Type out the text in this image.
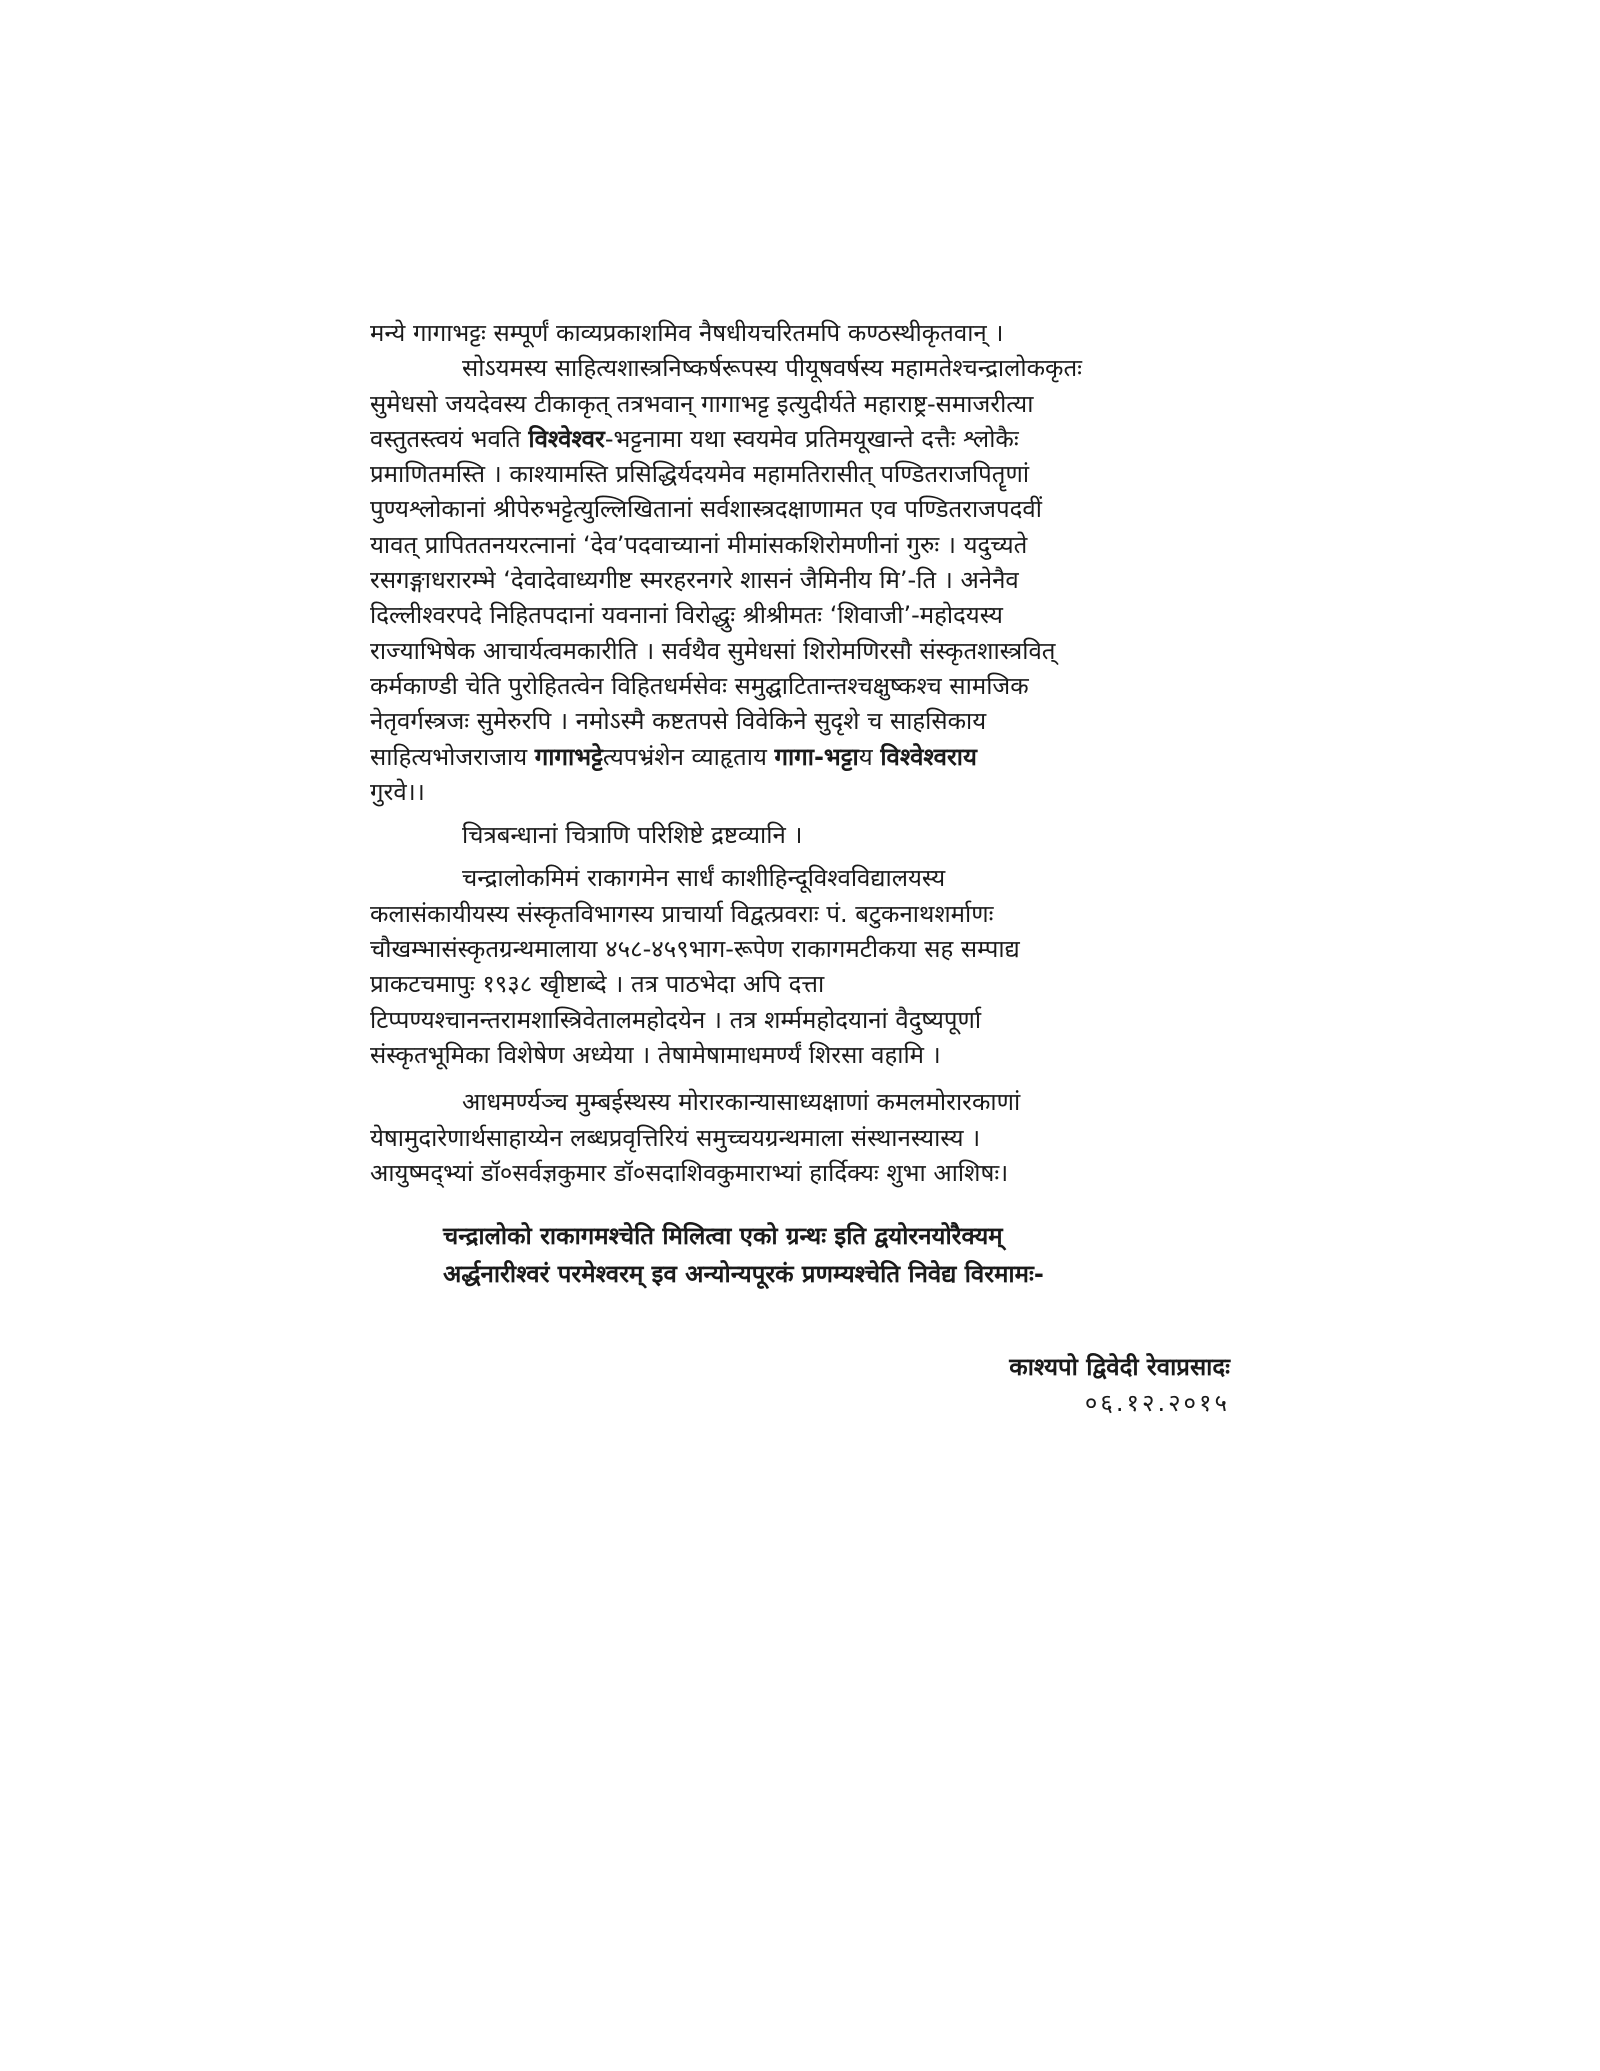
मन्ये गागाभट्टः सम्पूर्णं काव्यप्रकाशमिव नैषधीयचरितमपि कण्ठस्थीकृतवान् ।

सोऽयमस्य साहित्यशास्त्रनिष्कर्षरूपस्य पीयूषवर्षस्य महामतेश्चन्द्रालोककृतः
सुमेधसो जयदेवस्य टीकाकृत् तत्रभवान् गागाभट्ट इत्युदीर्यते महाराष्ट्र-समाजरीत्या
वस्तुतस्त्वयं भवति विश्वेश्वर-भट्टनामा यथा स्वयमेव प्रतिमयूखान्ते दत्तैः श्लोकैः
प्रमाणितमस्ति । काश्यामस्ति प्रसिद्धिर्यदयमेव महामतिरासीत् पण्डितराजपितॄणां
पुण्यश्लोकानां श्रीपेरुभट्टेत्युल्लिखितानां सर्वशास्त्रदक्षाणामत एव पण्डितराजपदवीं
यावत् प्रापिततनयरत्नानां ‘देव’पदवाच्यानां मीमांसकशिरोमणीनां गुरुः । यदुच्यते
रसगङ्गाधरारम्भे ‘देवादेवाध्यगीष्ट स्मरहरनगरे शासनं जैमिनीय मि’-ति । अनेनैव
दिल्लीश्वरपदे निहितपदानां यवनानां विरोद्धुः श्रीश्रीमतः ‘शिवाजी’-महोदयस्य
राज्याभिषेक आचार्यत्वमकारीति । सर्वथैव सुमेधसां शिरोमणिरसौ संस्कृतशास्त्रवित्
कर्मकाण्डी चेति पुरोहितत्वेन विहितधर्मसेवः समुद्घाटितान्तश्चक्षुष्कश्च सामजिक
नेतृवर्गस्त्रजः सुमेरुरपि । नमोऽस्मै कष्टतपसे विवेकिने सुदृशे च साहसिकाय
साहित्यभोजराजाय गागाभट्टेत्यपभ्रंशेन व्याहृताय गागा-भट्टाय विश्वेश्वराय
गुरवे।।

चित्रबन्धानां चित्राणि परिशिष्टे द्रष्टव्यानि ।

चन्द्रालोकमिमं राकागमेन सार्धं काशीहिन्दूविश्वविद्यालयस्य
कलासंकायीयस्य संस्कृतविभागस्य प्राचार्या विद्वत्प्रवराः पं. बटुकनाथशर्माणः
चौखम्भासंस्कृतग्रन्थमालाया ४५८-४५९भाग-रूपेण राकागमटीकया सह सम्पाद्य
प्राकटचमापुः १९३८ खृीष्टाब्दे । तत्र पाठभेदा अपि दत्ता
टिप्पण्यश्चानन्तरामशास्त्रिवेतालमहोदयेन । तत्र शर्म्ममहोदयानां वैदुष्यपूर्णा
संस्कृतभूमिका विशेषेण अध्येया । तेषामेषामाधमर्ण्यं शिरसा वहामि ।

आधमर्ण्यञ्च मुम्बईस्थस्य मोरारकान्यासाध्यक्षाणां कमलमोरारकाणां
येषामुदारेणार्थसाहाय्येन लब्धप्रवृत्तिरियं समुच्चयग्रन्थमाला संस्थानस्यास्य ।
आयुष्मद्भ्यां डॉ०सर्वज्ञकुमार डॉ०सदाशिवकुमाराभ्यां हार्दिक्यः शुभा आशिषः।

चन्द्रालोको राकागमश्चेति मिलित्वा एको ग्रन्थः इति द्वयोरनयोरैक्यम्
अर्द्धनारीश्वरं परमेश्वरम् इव अन्योन्यपूरकं प्रणम्यश्चेति निवेद्य विरमामः-
काश्यपो द्विवेदी रेवाप्रसादः
०६.१२.२०१५
